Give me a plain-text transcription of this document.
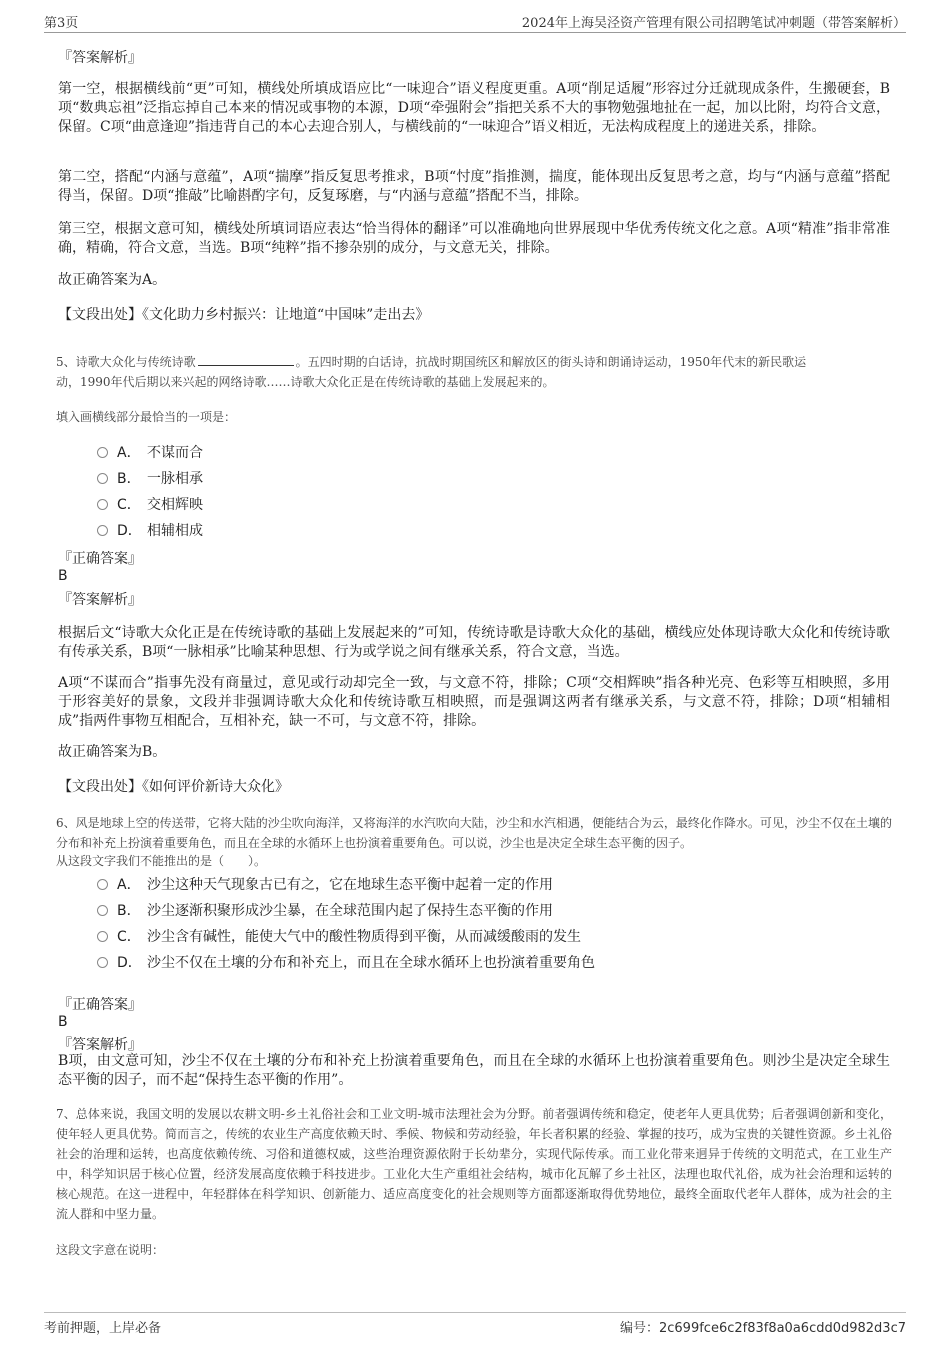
第3页	2024年上海吴泾资产管理有限公司招聘笔试冲刺题（带答案解析）
『答案解析』
第一空，根据横线前“更”可知，横线处所填成语应比“一味迎合”语义程度更重。A项“削足适履”形容过分迁就现成条件，生搬硬套，B项“数典忘祖”泛指忘掉自己本来的情况或事物的本源，D项“牵强附会”指把关系不大的事物勉强地扯在一起，加以比附，均符合文意，保留。C项“曲意逢迎”指违背自己的本心去迎合别人，与横线前的“一味迎合”语义相近，无法构成程度上的递进关系，排除。
第二空，搭配“内涵与意蕴”，A项“揣摩”指反复思考推求，B项“忖度”指推测，揣度，能体现出反复思考之意，均与“内涵与意蕴”搭配得当，保留。D项“推敲”比喻斟酌字句，反复琢磨，与“内涵与意蕴”搭配不当，排除。
第三空，根据文意可知，横线处所填词语应表达“恰当得体的翻译”可以准确地向世界展现中华优秀传统文化之意。A项“精准”指非常准确，精确，符合文意，当选。B项“纯粹”指不掺杂别的成分，与文意无关，排除。
故正确答案为A。
【文段出处】《文化助力乡村振兴：让地道“中国味”走出去》
5、诗歌大众化与传统诗歌	。五四时期的白话诗，抗战时期国统区和解放区的街头诗和朗诵诗运动，1950年代末的新民歌运
动，1990年代后期以来兴起的网络诗歌……诗歌大众化正是在传统诗歌的基础上发展起来的。
填入画横线部分最恰当的一项是：
A． 不谋而合
B． 一脉相承
C． 交相辉映
D． 相辅相成
『正确答案』
B
『答案解析』
根据后文“诗歌大众化正是在传统诗歌的基础上发展起来的”可知，传统诗歌是诗歌大众化的基础，横线应处体现诗歌大众化和传统诗歌有传承关系，B项“一脉相承”比喻某种思想、行为或学说之间有继承关系，符合文意，当选。
A项“不谋而合”指事先没有商量过，意见或行动却完全一致，与文意不符，排除；C项“交相辉映”指各种光亮、色彩等互相映照，多用于形容美好的景象，文段并非强调诗歌大众化和传统诗歌互相映照，而是强调这两者有继承关系，与文意不符，排除；D项“相辅相成”指两件事物互相配合，互相补充，缺一不可，与文意不符，排除。
故正确答案为B。
【文段出处】《如何评价新诗大众化》
6、风是地球上空的传送带，它将大陆的沙尘吹向海洋，又将海洋的水汽吹向大陆，沙尘和水汽相遇，便能结合为云，最终化作降水。可见，沙尘不仅在土壤的分布和补充上扮演着重要角色，而且在全球的水循环上也扮演着重要角色。可以说，沙尘也是决定全球生态平衡的因子。
从这段文字我们不能推出的是（　　）。
A． 沙尘这种天气现象古已有之，它在地球生态平衡中起着一定的作用
B． 沙尘逐渐积聚形成沙尘暴，在全球范围内起了保持生态平衡的作用
C． 沙尘含有碱性，能使大气中的酸性物质得到平衡，从而减缓酸雨的发生
D． 沙尘不仅在土壤的分布和补充上，而且在全球水循环上也扮演着重要角色
『正确答案』
B
『答案解析』
B项，由文意可知，沙尘不仅在土壤的分布和补充上扮演着重要角色，而且在全球的水循环上也扮演着重要角色。则沙尘是决定全球生态平衡的因子，而不起“保持生态平衡的作用”。
7、总体来说，我国文明的发展以农耕文明-乡土礼俗社会和工业文明-城市法理社会为分野。前者强调传统和稳定，使老年人更具优势；后者强调创新和变化，使年轻人更具优势。简而言之，传统的农业生产高度依赖天时、季候、物候和劳动经验，年长者积累的经验、掌握的技巧，成为宝贵的关键性资源。乡土礼俗社会的治理和运转，也高度依赖传统、习俗和道德权威，这些治理资源依附于长幼辈分，实现代际传承。而工业化带来迥异于传统的文明范式，在工业生产中，科学知识居于核心位置，经济发展高度依赖于科技进步。工业化大生产重组社会结构，城市化瓦解了乡土社区，法理也取代礼俗，成为社会治理和运转的核心规范。在这一进程中，年轻群体在科学知识、创新能力、适应高度变化的社会规则等方面都逐渐取得优势地位，最终全面取代老年人群体，成为社会的主流人群和中坚力量。
这段文字意在说明：
考前押题，上岸必备	编号：2c699fce6c2f83f8a0a6cdd0d982d3c7
